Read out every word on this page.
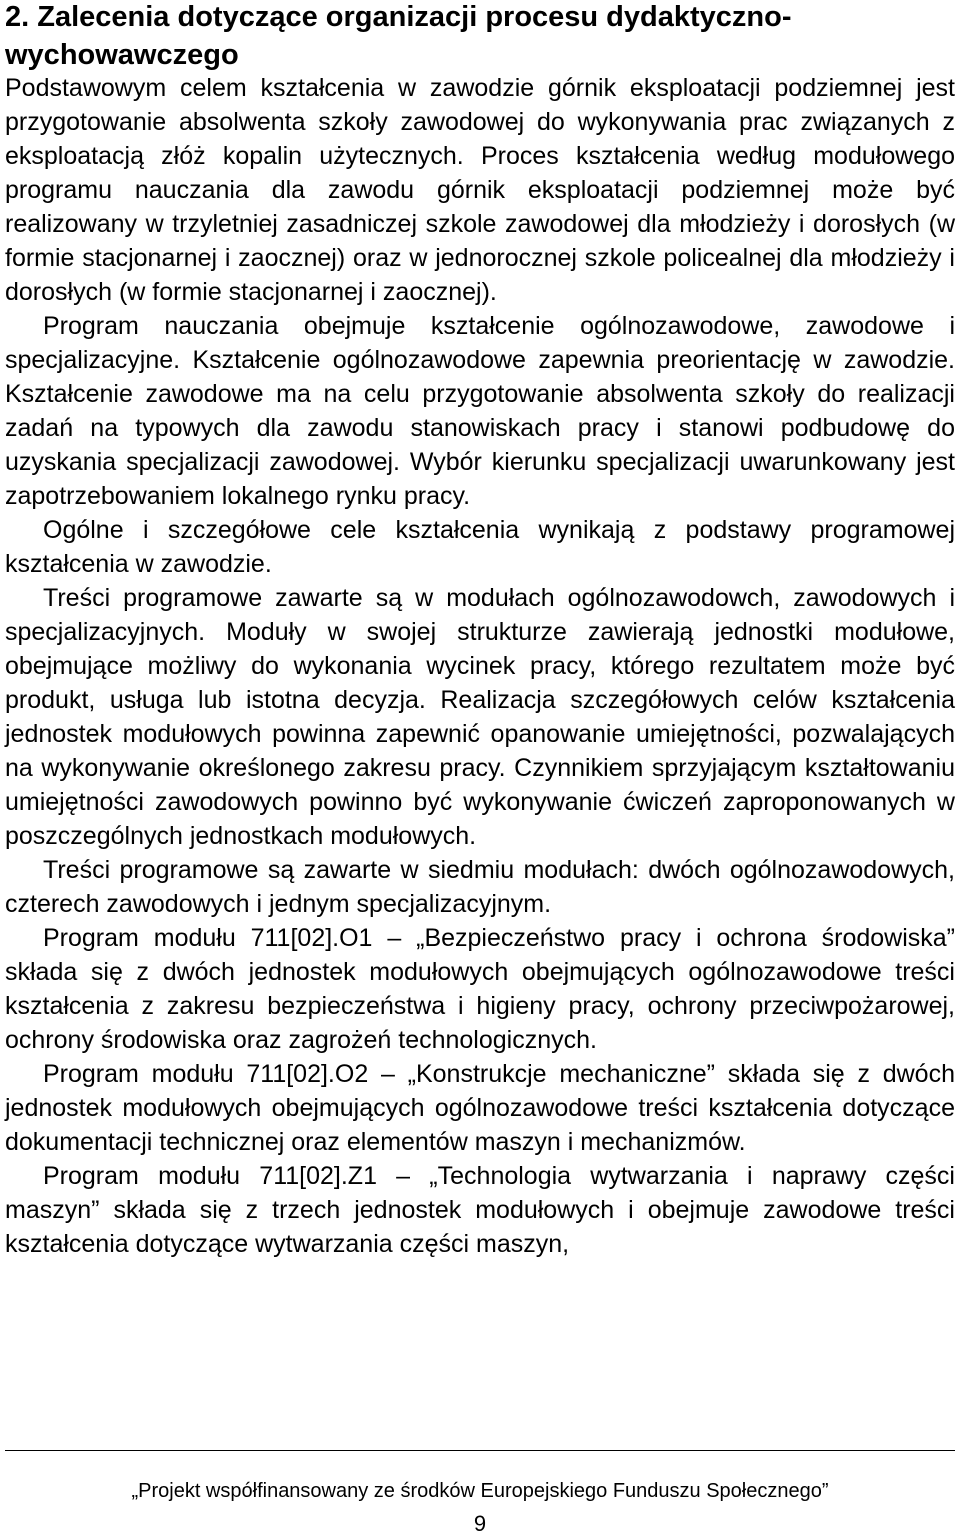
2. Zalecenia dotyczące organizacji procesu dydaktyczno-wychowawczego

Podstawowym celem kształcenia w zawodzie górnik eksploatacji podziemnej jest przygotowanie absolwenta szkoły zawodowej do wykonywania prac związanych z eksploatacją złóż kopalin użytecznych. Proces kształcenia według modułowego programu nauczania dla zawodu górnik eksploatacji podziemnej może być realizowany w trzyletniej zasadniczej szkole zawodowej dla młodzieży i dorosłych (w formie stacjonarnej i zaocznej) oraz w jednorocznej szkole policealnej dla młodzieży i dorosłych (w formie stacjonarnej i zaocznej).

Program nauczania obejmuje kształcenie ogólnozawodowe, zawodowe i specjalizacyjne. Kształcenie ogólnozawodowe zapewnia preorientację w zawodzie. Kształcenie zawodowe ma na celu przygotowanie absolwenta szkoły do realizacji zadań na typowych dla zawodu stanowiskach pracy i stanowi podbudowę do uzyskania specjalizacji zawodowej. Wybór kierunku specjalizacji uwarunkowany jest zapotrzebowaniem lokalnego rynku pracy.

Ogólne i szczegółowe cele kształcenia wynikają z podstawy programowej kształcenia w zawodzie.

Treści programowe zawarte są w modułach ogólnozawodowch, zawodowych i specjalizacyjnych. Moduły w swojej strukturze zawierają jednostki modułowe, obejmujące możliwy do wykonania wycinek pracy, którego rezultatem może być produkt, usługa lub istotna decyzja. Realizacja szczegółowych celów kształcenia jednostek modułowych powinna zapewnić opanowanie umiejętności, pozwalających na wykonywanie określonego zakresu pracy. Czynnikiem sprzyjającym kształtowaniu umiejętności zawodowych powinno być wykonywanie ćwiczeń zaproponowanych w poszczególnych jednostkach modułowych.

Treści programowe są zawarte w siedmiu modułach: dwóch ogólnozawodowych, czterech zawodowych i jednym specjalizacyjnym.

Program modułu 711[02].O1 – „Bezpieczeństwo pracy i ochrona środowiska” składa się z dwóch jednostek modułowych obejmujących ogólnozawodowe treści kształcenia z zakresu bezpieczeństwa i higieny pracy, ochrony przeciwpożarowej, ochrony środowiska oraz zagrożeń technologicznych.

Program modułu 711[02].O2 – „Konstrukcje mechaniczne” składa się z dwóch jednostek modułowych obejmujących ogólnozawodowe treści kształcenia dotyczące dokumentacji technicznej oraz elementów maszyn i mechanizmów.

Program modułu 711[02].Z1 – „Technologia wytwarzania i naprawy części maszyn” składa się z trzech jednostek modułowych i obejmuje zawodowe treści kształcenia dotyczące wytwarzania części maszyn,

„Projekt współfinansowany ze środków Europejskiego Funduszu Społecznego”
9
